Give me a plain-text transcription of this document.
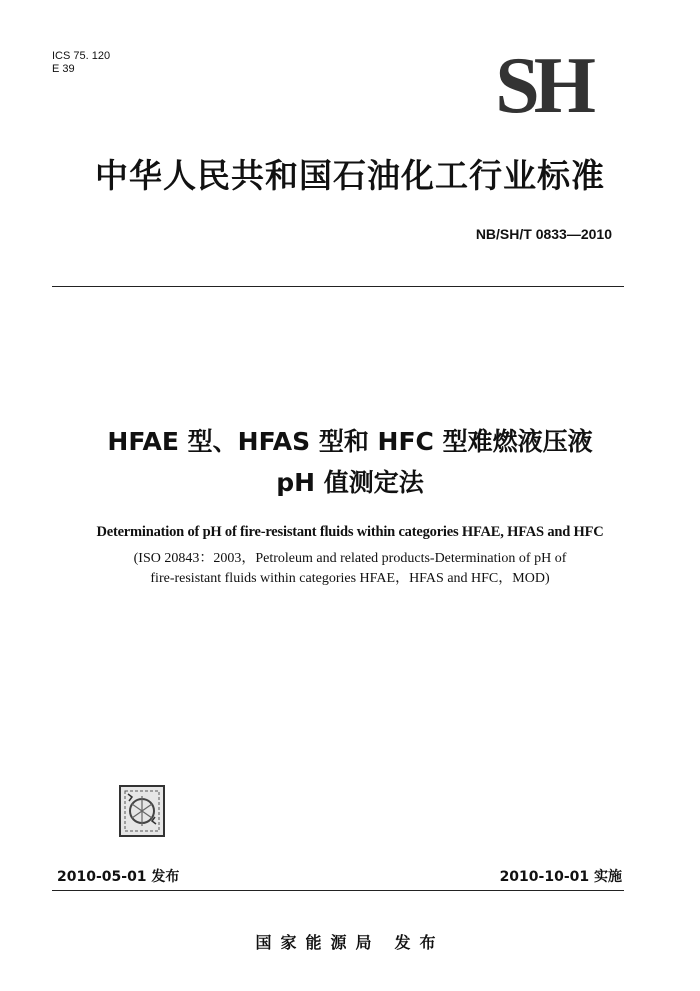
ICS 75. 120
E 39	SH
中华人民共和国石油化工行业标准
NB/SH/T 0833—2010
HFAE 型、HFAS 型和 HFC 型难燃液压液
pH 值测定法
Determination of pH of fire-resistant fluids within categories HFAE, HFAS and HFC
(ISO 20843：2003，Petroleum and related products-Determination of pH of
fire-resistant fluids within categories HFAE，HFAS and HFC，MOD)
2010-05-01 发布	2010-10-01 实施
国家能源局 发布
